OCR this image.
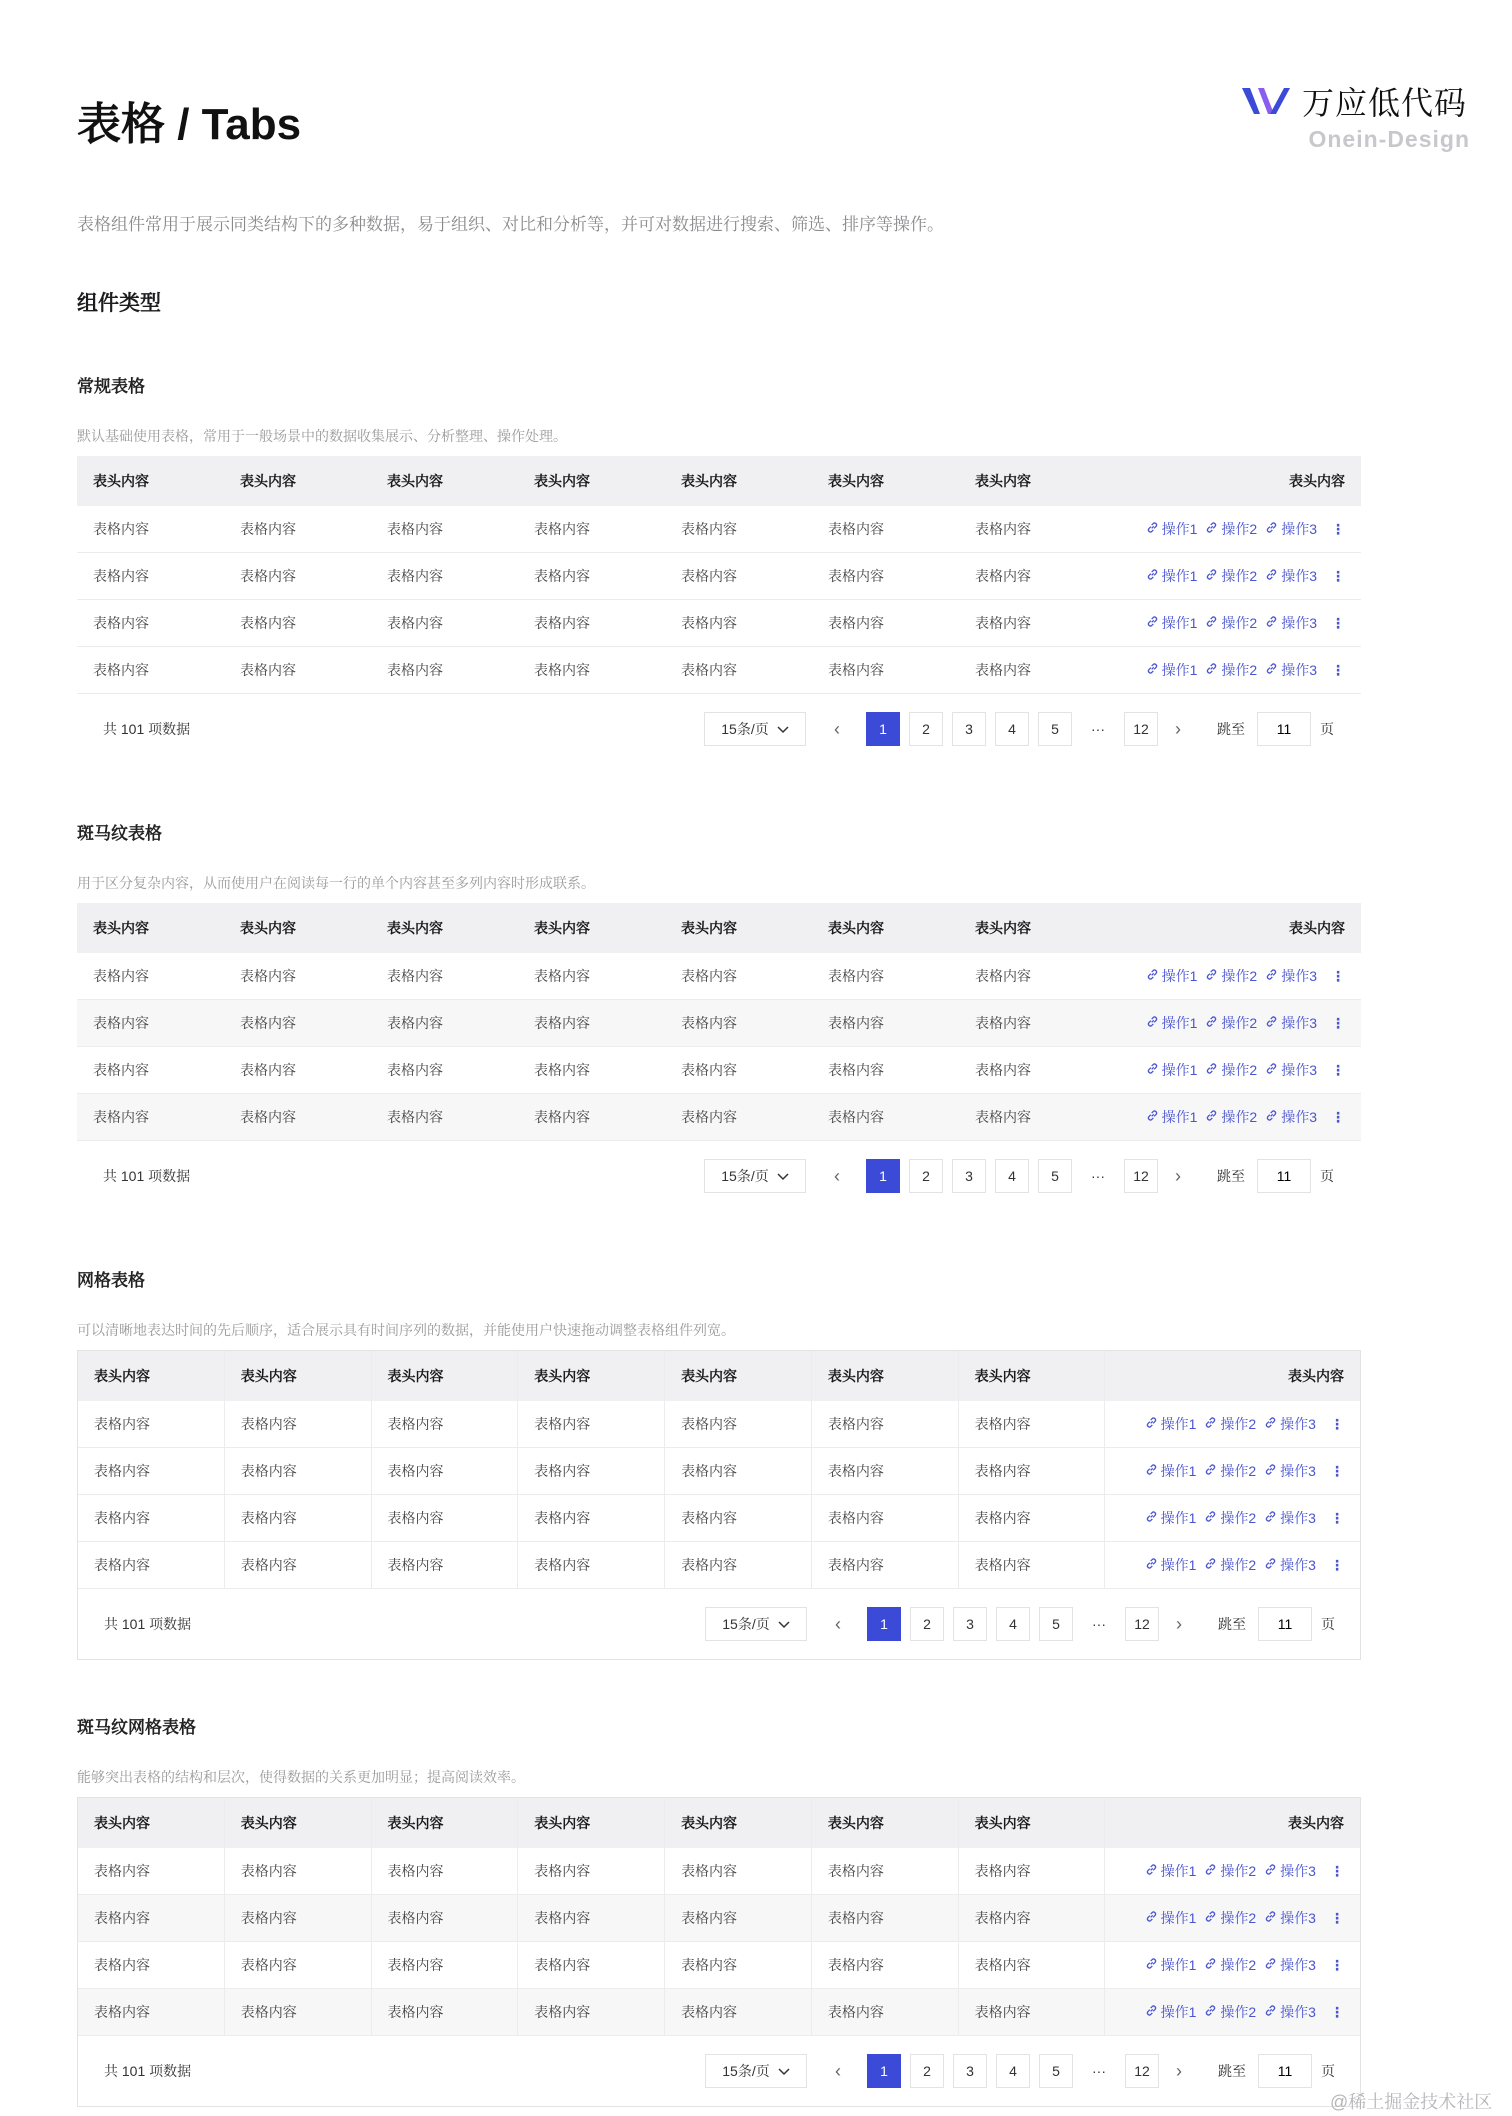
表格 / Tabs	万应低代码
Onein-Design
表格组件常用于展示同类结构下的多种数据，易于组织、对比和分析等，并可对数据进行搜索、筛选、排序等操作。
组件类型
常规表格
默认基础使用表格，常用于一般场景中的数据收集展示、分析整理、操作处理。
表头内容	表头内容	表头内容	表头内容	表头内容	表头内容	表头内容	表头内容
表格内容	表格内容	表格内容	表格内容	表格内容	表格内容	表格内容	操作1 操作2 操作3 ⋮
表格内容	表格内容	表格内容	表格内容	表格内容	表格内容	表格内容	操作1 操作2 操作3 ⋮
表格内容	表格内容	表格内容	表格内容	表格内容	表格内容	表格内容	操作1 操作2 操作3 ⋮
表格内容	表格内容	表格内容	表格内容	表格内容	表格内容	表格内容	操作1 操作2 操作3 ⋮
共 101 项数据	15条/页	‹	1	2	3	4	5	···	12	›	跳至
11	页
斑马纹表格
用于区分复杂内容，从而使用户在阅读每一行的单个内容甚至多列内容时形成联系。
表头内容	表头内容	表头内容	表头内容	表头内容	表头内容	表头内容	表头内容
表格内容	表格内容	表格内容	表格内容	表格内容	表格内容	表格内容	操作1 操作2 操作3 ⋮
表格内容	表格内容	表格内容	表格内容	表格内容	表格内容	表格内容	操作1 操作2 操作3 ⋮
表格内容	表格内容	表格内容	表格内容	表格内容	表格内容	表格内容	操作1 操作2 操作3 ⋮
表格内容	表格内容	表格内容	表格内容	表格内容	表格内容	表格内容	操作1 操作2 操作3 ⋮
共 101 项数据	15条/页	‹	1	2	3	4	5	···	12	›	跳至
11	页
网格表格
可以清晰地表达时间的先后顺序，适合展示具有时间序列的数据，并能使用户快速拖动调整表格组件列宽。
表头内容	表头内容	表头内容	表头内容	表头内容	表头内容	表头内容	表头内容
表格内容	表格内容	表格内容	表格内容	表格内容	表格内容	表格内容	操作1 操作2 操作3 ⋮
表格内容	表格内容	表格内容	表格内容	表格内容	表格内容	表格内容	操作1 操作2 操作3 ⋮
表格内容	表格内容	表格内容	表格内容	表格内容	表格内容	表格内容	操作1 操作2 操作3 ⋮
表格内容	表格内容	表格内容	表格内容	表格内容	表格内容	表格内容	操作1 操作2 操作3 ⋮
共 101 项数据	15条/页	‹	1	2	3	4	5	···	12	›	跳至
11	页
斑马纹网格表格
能够突出表格的结构和层次，使得数据的关系更加明显；提高阅读效率。
表头内容	表头内容	表头内容	表头内容	表头内容	表头内容	表头内容	表头内容
表格内容	表格内容	表格内容	表格内容	表格内容	表格内容	表格内容	操作1 操作2 操作3 ⋮
表格内容	表格内容	表格内容	表格内容	表格内容	表格内容	表格内容	操作1 操作2 操作3 ⋮
表格内容	表格内容	表格内容	表格内容	表格内容	表格内容	表格内容	操作1 操作2 操作3 ⋮
表格内容	表格内容	表格内容	表格内容	表格内容	表格内容	表格内容	操作1 操作2 操作3 ⋮
共 101 项数据	15条/页	‹	1	2	3	4	5	···	12	›	跳至
11	页
@稀土掘金技术社区
